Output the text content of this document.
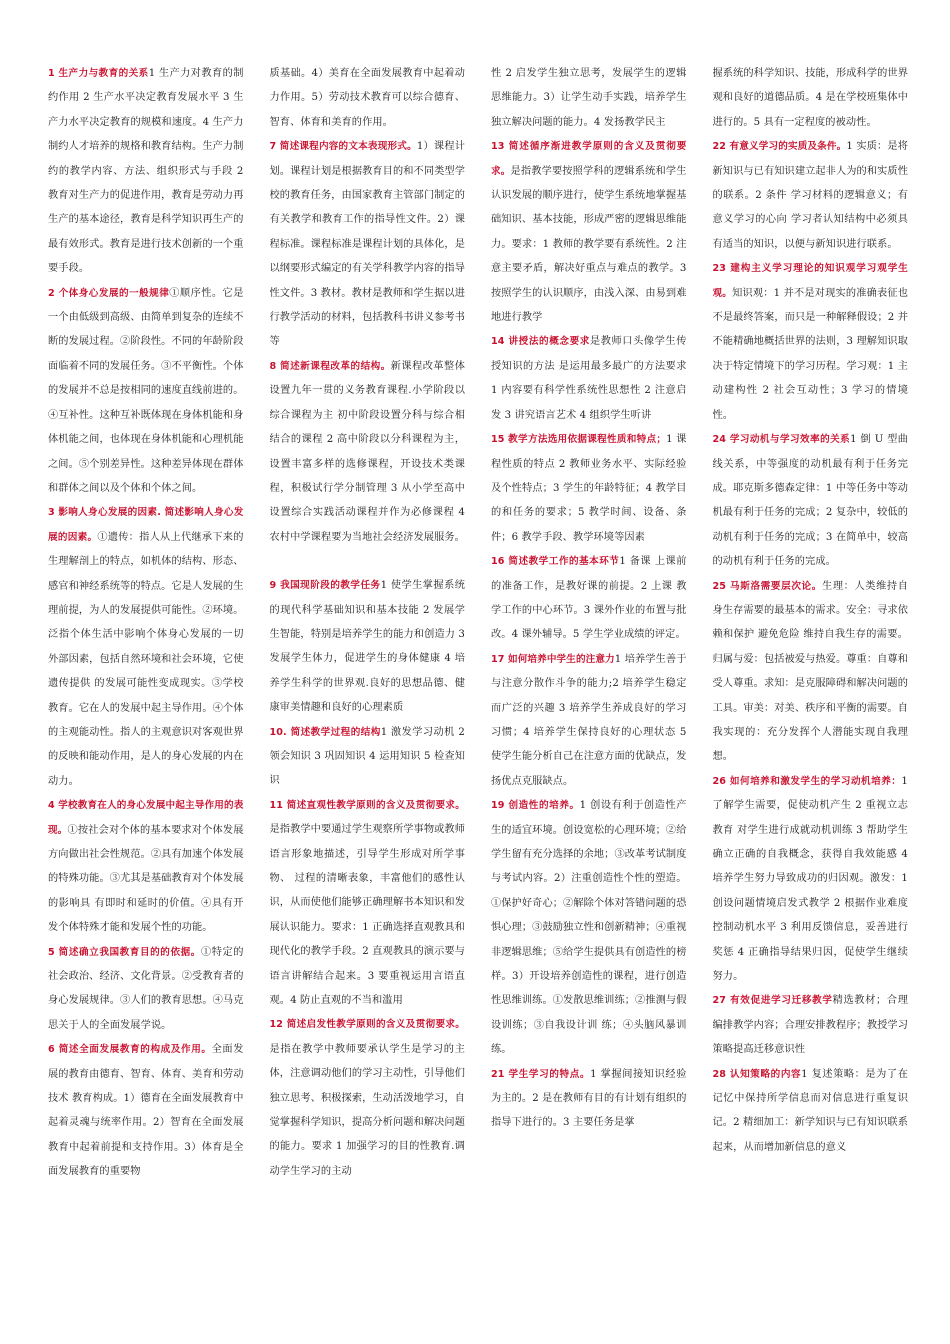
1 生产力与教育的关系1 生产力对教育的制约作用 2 生产水平决定教育发展水平 3 生产力水平决定教育的规模和速度。4 生产力制约人才培养的规格和教育结构。生产力制约的教学内容、方法、组织形式与手段 2 教育对生产力的促进作用，教育是劳动力再生产的基本途径，教育是科学知识再生产的最有效形式。教育是进行技术创新的一个重要手段。

2 个体身心发展的一般规律①顺序性。它是一个由低级到高级、由简单到复杂的连续不断的发展过程。②阶段性。不同的年龄阶段面临着不同的发展任务。③不平衡性。个体的发展并不总是按相同的速度直线前进的。④互补性。这种互补既体现在身体机能和身体机能之间，也体现在身体机能和心理机能之间。⑤个别差异性。这种差异体现在群体和群体之间以及个体和个体之间。

3 影响人身心发展的因素. 简述影响人身心发展的因素。①遗传：指人从上代继承下来的生理解剖上的特点，如机体的结构、形态、感官和神经系统等的特点。它是人发展的生理前提，为人的发展提供可能性。②环境。泛指个体生活中影响个体身心发展的一切 外部因素，包括自然环境和社会环境，它使遗传提供 的发展可能性变成现实。③学校教育。它在人的发展中起主导作用。④个体的主观能动性。指人的主观意识对客观世界的反映和能动作用，是人的身心发展的内在动力。

4 学校教育在人的身心发展中起主导作用的表现。①按社会对个体的基本要求对个体发展方向做出社会性规范。②具有加速个体发展的特殊功能。③尤其是基础教育对个体发展的影响具 有即时和延时的价值。④具有开发个体特殊才能和发展个性的功能。

5 简述确立我国教育目的的依据。①特定的社会政治、经济、文化背景。②受教育者的身心发展规律。③人们的教育思想。④马克思关于人的全面发展学说。

6 简述全面发展教育的构成及作用。全面发展的教育由德育、智育、体育、美育和劳动技术 教育构成。1）德育在全面发展教育中起着灵魂与统率作用。2）智育在全面发展教育中起着前提和支持作用。3）体育是全面发展教育的重要物

质基础。4）美育在全面发展教育中起着动力作用。5）劳动技术教育可以综合德育、智育、体育和美育的作用。

7 简述课程内容的文本表现形式。1）课程计划。课程计划是根据教育目的和不同类型学校的教育任务，由国家教育主管部门制定的有关教学和教育工作的指导性文件。2）课程标准。课程标准是课程计划的具体化，是以纲要形式编定的有关学科教学内容的指导性文件。3 教材。教材是教师和学生据以进行教学活动的材料，包括教科书讲义参考书等

8 简述新课程改革的结构。新课程改革整体设置九年一贯的义务教育课程.小学阶段以综合课程为主 初中阶段设置分科与综合相结合的课程 2 高中阶段以分科课程为主，设置丰富多样的选修课程，开设技术类课程，积极试行学分制管理 3 从小学至高中设置综合实践活动课程并作为必修课程 4 农村中学课程要为当地社会经济发展服务。

9 我国现阶段的教学任务1 使学生掌握系统的现代科学基础知识和基本技能 2 发展学生智能，特别是培养学生的能力和创造力 3 发展学生体力，促进学生的身体健康 4 培养学生科学的世界观.良好的思想品德、健康审美情趣和良好的心理素质

10. 简述教学过程的结构1 激发学习动机 2 领会知识 3 巩固知识 4 运用知识 5 检查知识

11 简述直观性教学原则的含义及贯彻要求。是指教学中要通过学生观察所学事物或教师语言形象地描述，引导学生形成对所学事物、 过程的清晰表象，丰富他们的感性认识，从而使他们能够正确理解书本知识和发展认识能力。要求：1 正确选择直观教具和现代化的教学手段。2 直观教具的演示要与语言讲解结合起来。3 要重视运用言语直观。4 防止直观的不当和滥用

12 简述启发性教学原则的含义及贯彻要求。是指在教学中教师要承认学生是学习的主体，注意调动他们的学习主动性，引导他们独立思考、积极探索，生动活泼地学习，自觉掌握科学知识，提高分析问题和解决问题的能力。要求 1 加强学习的目的性教育.调动学生学习的主动

性 2 启发学生独立思考，发展学生的逻辑思维能力。3）让学生动手实践，培养学生独立解决问题的能力。4 发扬教学民主

13 简述循序渐进教学原则的含义及贯彻要求。是指教学要按照学科的逻辑系统和学生认识发展的顺序进行，使学生系统地掌握基础知识、基本技能，形成严密的逻辑思维能力。要求：1 教师的教学要有系统性。2 注意主要矛盾，解决好重点与难点的教学。3 按照学生的认识顺序，由浅入深、由易到难地进行教学

14 讲授法的概念要求是教师口头像学生传授知识的方法 是运用最多最广的方法要求 1 内容要有科学性系统性思想性 2 注意启发 3 讲究语言艺术 4 组织学生听讲

15 教学方法选用依据课程性质和特点；1 课程性质的特点 2 教师业务水平、实际经验及个性特点；3 学生的年龄特征；4 教学目的和任务的要求；5 教学时间、设备、条件；6 教学手段、教学环境等因素

16 简述教学工作的基本环节1 备课 上课前的准备工作，是教好课的前提。2 上课 教学工作的中心环节。3 课外作业的布置与批改。4 课外辅导。5 学生学业成绩的评定。

17 如何培养中学生的注意力1 培养学生善于与注意分散作斗争的能力;2 培养学生稳定而广泛的兴趣 3 培养学生养成良好的学习习惯；4 培养学生保持良好的心理状态 5 使学生能分析自己在注意方面的优缺点，发扬优点克服缺点。

19 创造性的培养。1 创设有利于创造性产生的适宜环境。创设宽松的心理环境；②给学生留有充分选择的余地；③改革考试制度与考试内容。2）注重创造性个性的塑造。①保护好奇心；②解除个体对答错问题的恐惧心理；③鼓励独立性和创新精神；④重视非逻辑思维；⑤给学生提供具有创造性的榜样。3）开设培养创造性的课程，进行创造性思维训练。①发散思维训练；②推测与假设训练；③自我设计训 练；④头脑风暴训练。

21 学生学习的特点。1 掌握间接知识经验为主的。2 是在教师有目的有计划有组织的指导下进行的。3 主要任务是掌

握系统的科学知识、技能，形成科学的世界观和良好的道德品质。4 是在学校班集体中进行的。5 具有一定程度的被动性。

22 有意义学习的实质及条件。1 实质：是将新知识与已有知识建立起非人为的和实质性的联系。2 条件 学习材料的逻辑意义；有意义学习的心向 学习者认知结构中必须具有适当的知识，以便与新知识进行联系。

23 建构主义学习理论的知识观学习观学生观。知识观：1 并不是对现实的准确表征也不是最终答案，而只是一种解释假设；2 并不能精确地概括世界的法则，3 理解知识取决于特定情境下的学习历程。学习观：1 主动建构性 2 社会互动性；3 学习的情境性。

24 学习动机与学习效率的关系1 倒 U 型曲线关系，中等强度的动机最有利于任务完成。耶克斯多德森定律：1 中等任务中等动机最有利于任务的完成；2 复杂中，较低的动机有利于任务的完成；3 在简单中，较高的动机有利于任务的完成。

25 马斯洛需要层次论。生理：人类维持自身生存需要的最基本的需求。安全：寻求依赖和保护 避免危险 维持自我生存的需要。归属与爱：包括被爱与热爱。尊重：自尊和受人尊重。求知：是克服障碍和解决问题的工具。审美：对美、秩序和平衡的需要。自我实现的：充分发挥个人潜能实现自我理想。

26 如何培养和激发学生的学习动机培养：1 了解学生需要，促使动机产生 2 重视立志教育 对学生进行成就动机训练 3 帮助学生确立正确的自我概念，获得自我效能感 4 培养学生努力导致成功的归因观。激发：1 创设问题情境启发式教学 2 根据作业难度控制动机水平 3 利用反馈信息，妥善进行奖惩 4 正确指导结果归因，促使学生继续努力。

27 有效促进学习迁移教学精选教材；合理编排教学内容；合理安排教程序；教授学习策略提高迁移意识性

28 认知策略的内容1 复述策略：是为了在记忆中保持所学信息而对信息进行重复识记。2 精细加工：新学知识与已有知识联系起来，从而增加新信息的意义
